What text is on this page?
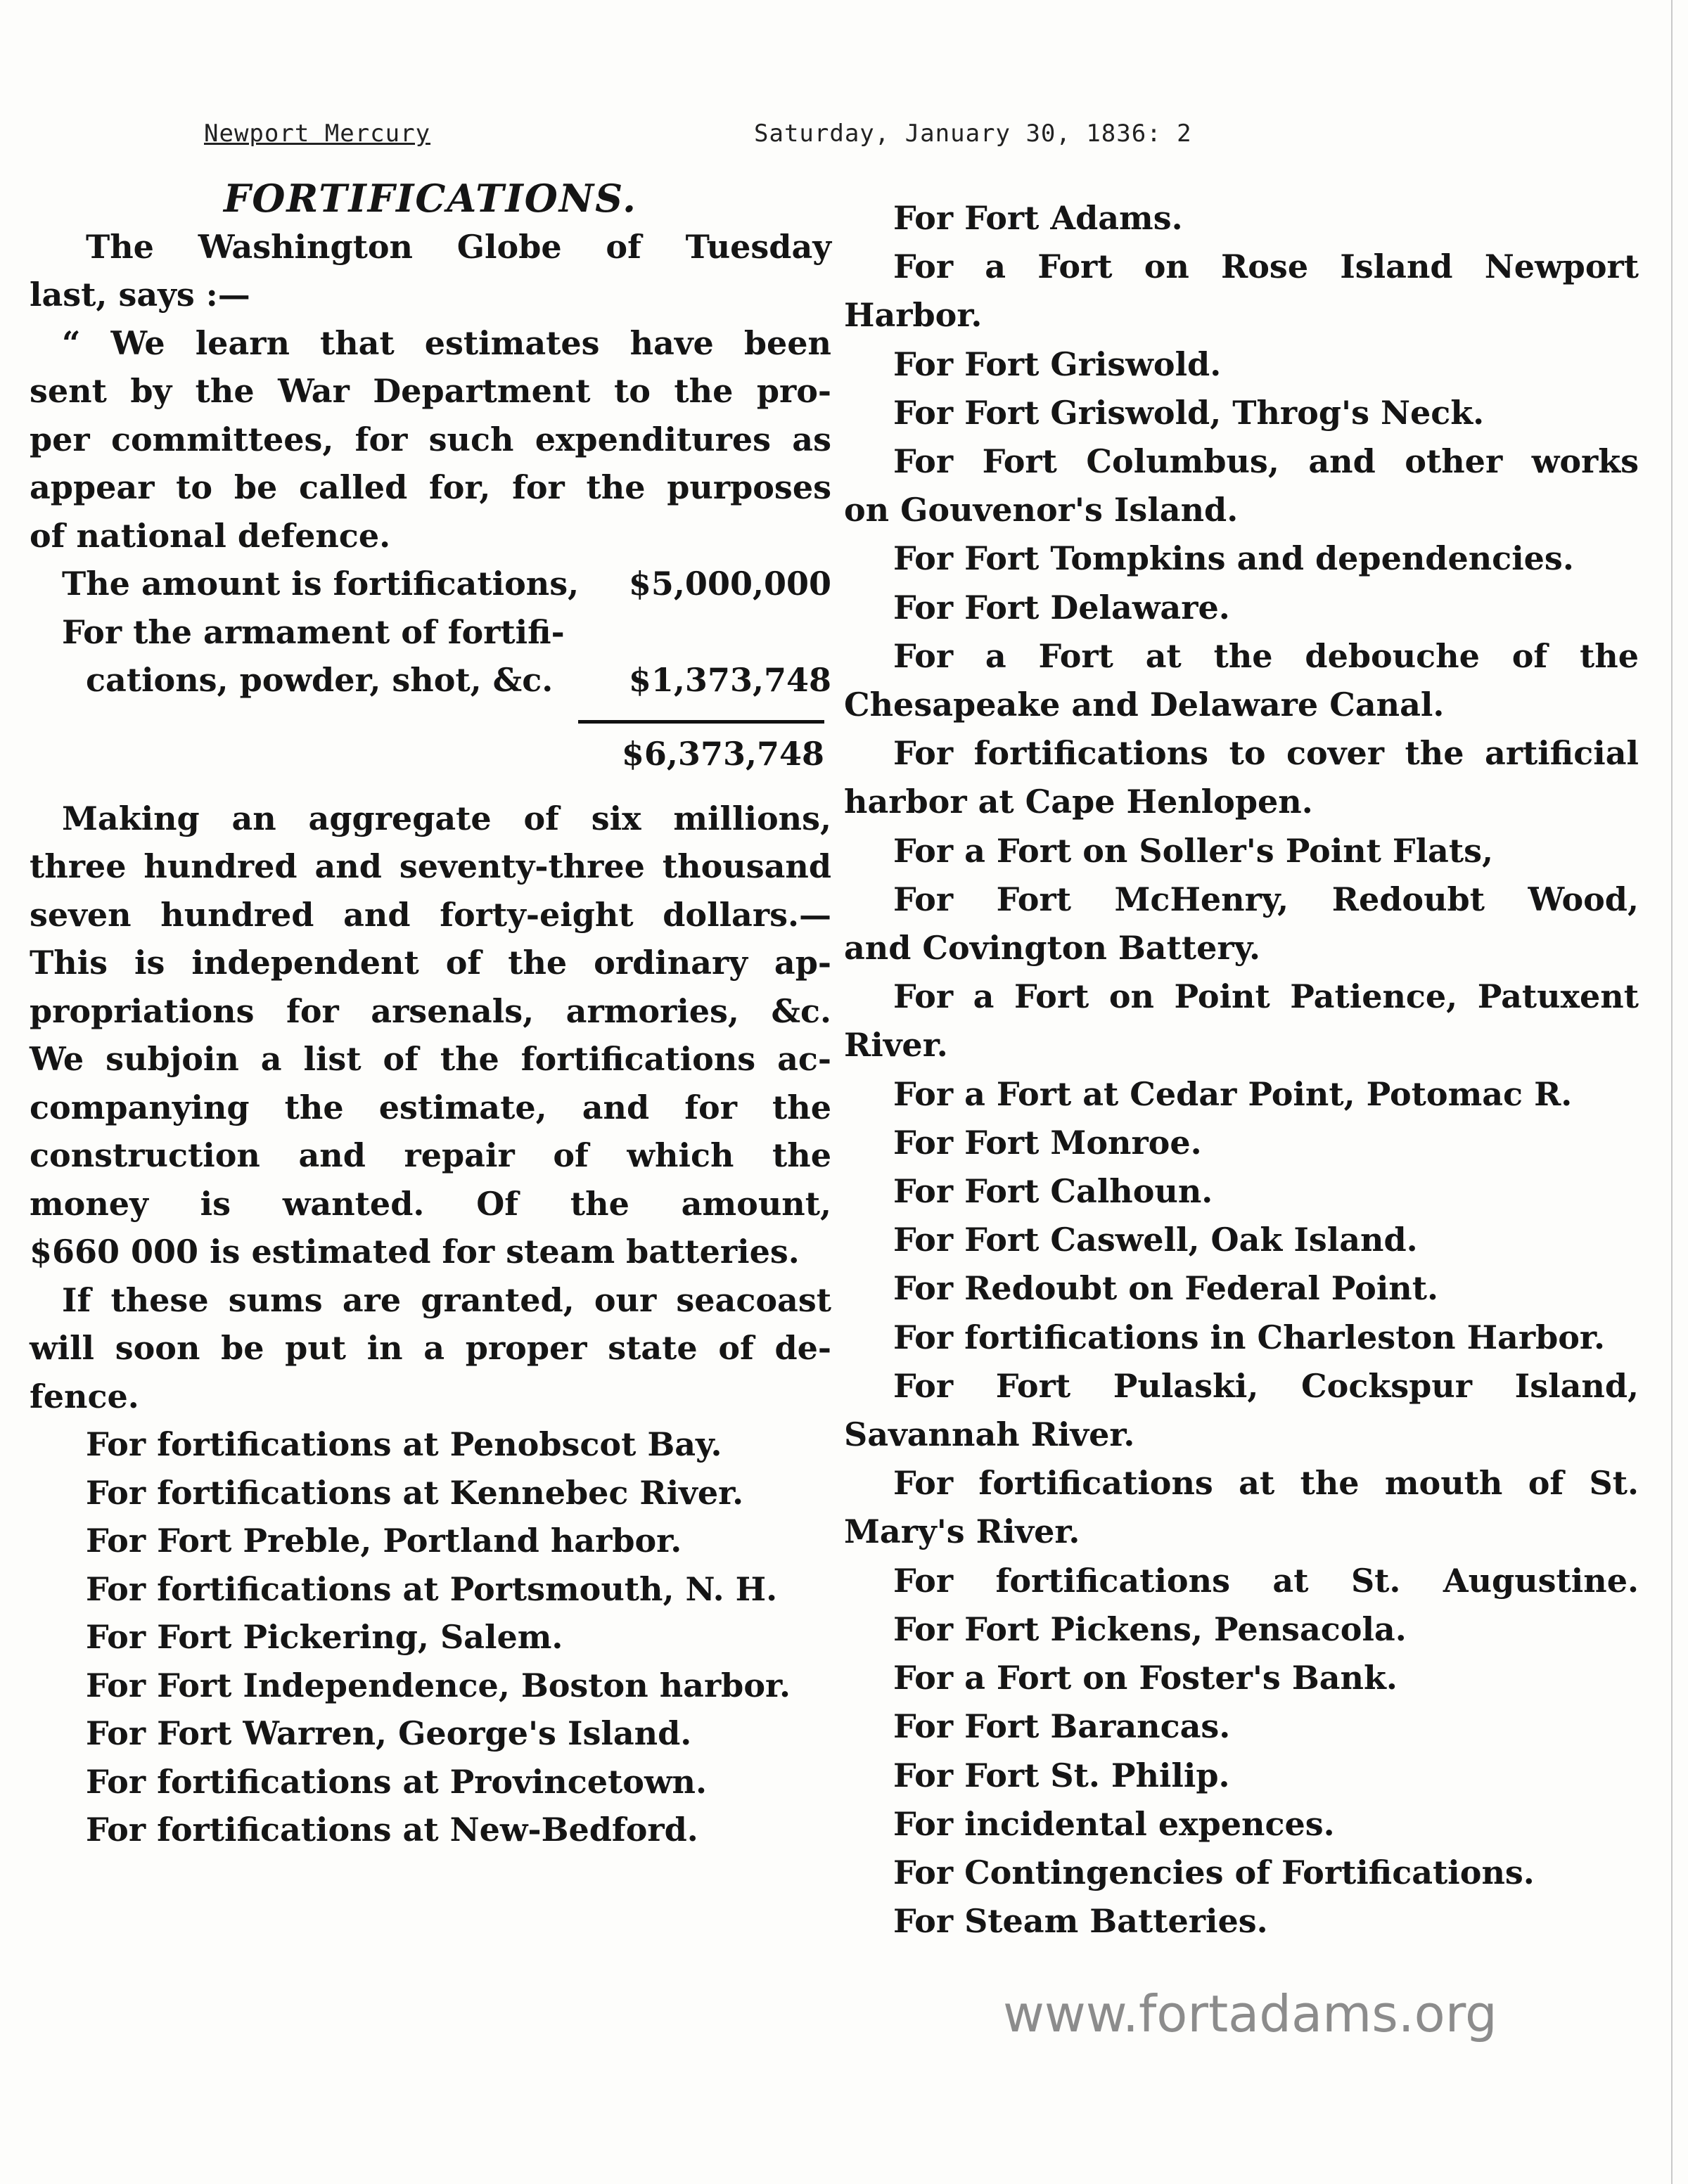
Newport Mercury	Saturday, January 30, 1836: 2

FORTIFICATIONS.

The Washington Globe of Tuesday

last, says :—

“ We learn that estimates have been

sent by the War Department to the pro-

per committees, for such expenditures as

appear to be called for, for the purposes

of national defence.

The amount is fortifications, $5,000,000

For the armament of fortifi-

cations, powder, shot, &c. $1,373,748

$6,373,748

Making an aggregate of six millions,

three hundred and seventy-three thousand

seven hundred and forty-eight dollars.—

This is independent of the ordinary ap-

propriations for arsenals, armories, &c.

We subjoin a list of the fortifications ac-

companying the estimate, and for the

construction and repair of which the

money is wanted. Of the amount,

$660 000 is estimated for steam batteries.

If these sums are granted, our seacoast

will soon be put in a proper state of de-

fence.

For fortifications at Penobscot Bay.

For fortifications at Kennebec River.

For Fort Preble, Portland harbor.

For fortifications at Portsmouth, N. H.

For Fort Pickering, Salem.

For Fort Independence, Boston harbor.

For Fort Warren, George's Island.

For fortifications at Provincetown.

For fortifications at New-Bedford.

For Fort Adams.

For a Fort on Rose Island Newport

Harbor.

For Fort Griswold.

For Fort Griswold, Throg's Neck.

For Fort Columbus, and other works

on Gouvenor's Island.

For Fort Tompkins and dependencies.

For Fort Delaware.

For a Fort at the debouche of the

Chesapeake and Delaware Canal.

For fortifications to cover the artificial

harbor at Cape Henlopen.

For a Fort on Soller's Point Flats,

For Fort McHenry, Redoubt Wood,

and Covington Battery.

For a Fort on Point Patience, Patuxent

River.

For a Fort at Cedar Point, Potomac R.

For Fort Monroe.

For Fort Calhoun.

For Fort Caswell, Oak Island.

For Redoubt on Federal Point.

For fortifications in Charleston Harbor.

For Fort Pulaski, Cockspur Island,

Savannah River.

For fortifications at the mouth of St.

Mary's River.

For fortifications at St. Augustine.

For Fort Pickens, Pensacola.

For a Fort on Foster's Bank.

For Fort Barancas.

For Fort St. Philip.

For incidental expences.

For Contingencies of Fortifications.

For Steam Batteries.

www.fortadams.org
